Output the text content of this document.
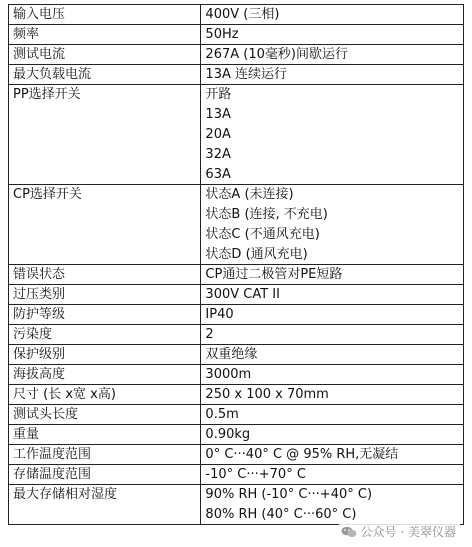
输入电压	400V (三相)

频率	50Hz

测试电流	267A (10毫秒)间歇运行

最大负载电流	13A 连续运行

PP选择开关	开路
13A
20A
32A
63A

CP选择开关	状态A (未连接)
状态B (连接, 不充电)
状态C (不通风充电)
状态D (通风充电)

错误状态	CP通过二极管对PE短路

过压类别	300V CAT II

防护等级	IP40

污染度	2

保护级别	双重绝缘

海拔高度	3000m

尺寸 (长 x宽 x高)	250 x 100 x 70mm

测试头长度	0.5m

重量	0.90kg

工作温度范围	0° C···40° C @ 95% RH,无凝结

存储温度范围	-10° C···+70° C

最大存储相对湿度	90% RH (-10° C···+40° C)
80% RH (40° C···60° C)
公众号 · 美翠仪器
